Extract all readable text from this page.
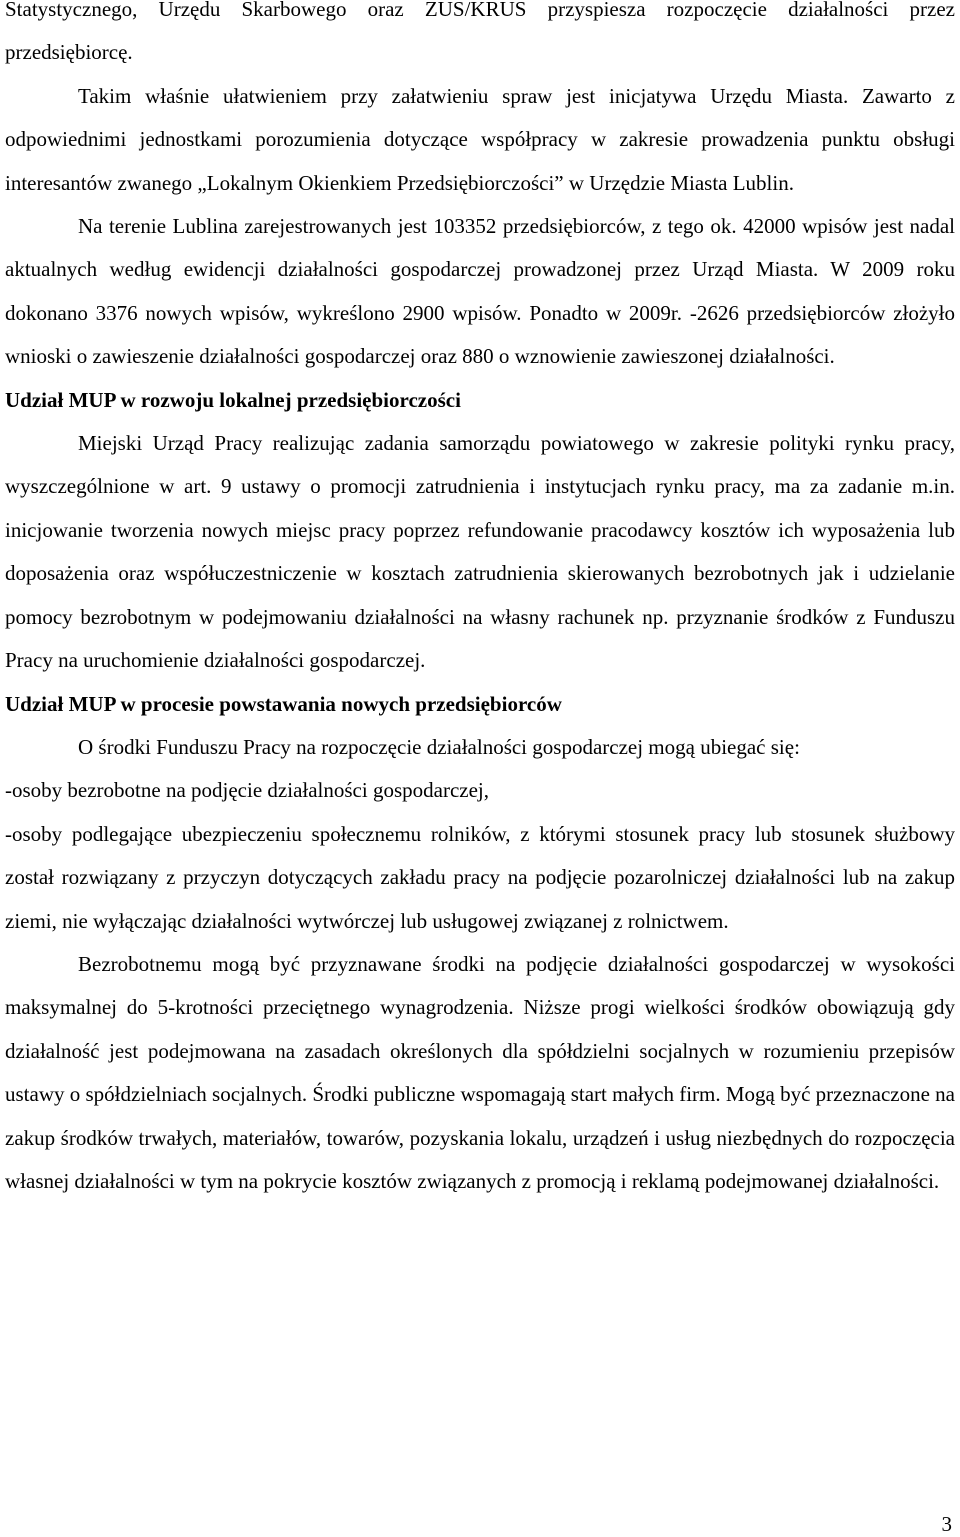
Statystycznego, Urzędu Skarbowego oraz ZUS/KRUS przyspiesza rozpoczęcie działalności przez przedsiębiorcę.

Takim właśnie ułatwieniem przy załatwieniu spraw jest inicjatywa Urzędu Miasta. Zawarto z odpowiednimi jednostkami porozumienia dotyczące współpracy w zakresie prowadzenia punktu obsługi interesantów zwanego „Lokalnym Okienkiem Przedsiębiorczości” w Urzędzie Miasta Lublin.

Na terenie Lublina zarejestrowanych jest 103352 przedsiębiorców, z tego ok. 42000 wpisów jest nadal aktualnych według ewidencji działalności gospodarczej prowadzonej przez Urząd Miasta. W 2009 roku dokonano 3376 nowych wpisów, wykreślono 2900 wpisów. Ponadto w 2009r. -2626 przedsiębiorców złożyło wnioski o zawieszenie działalności gospodarczej oraz 880 o wznowienie zawieszonej działalności.

Udział MUP w rozwoju lokalnej przedsiębiorczości

Miejski Urząd Pracy realizując zadania samorządu powiatowego w zakresie polityki rynku pracy, wyszczególnione w art. 9 ustawy o promocji zatrudnienia i instytucjach rynku pracy, ma za zadanie m.in. inicjowanie tworzenia nowych miejsc pracy poprzez refundowanie pracodawcy kosztów ich wyposażenia lub doposażenia oraz współuczestniczenie w kosztach zatrudnienia skierowanych bezrobotnych jak i udzielanie pomocy bezrobotnym w podejmowaniu działalności na własny rachunek np. przyznanie środków z Funduszu Pracy na uruchomienie działalności gospodarczej.

Udział MUP w procesie powstawania nowych przedsiębiorców

O środki Funduszu Pracy na rozpoczęcie działalności gospodarczej mogą ubiegać się:

-osoby bezrobotne na podjęcie działalności gospodarczej,

-osoby podlegające ubezpieczeniu społecznemu rolników, z którymi stosunek pracy lub stosunek służbowy został rozwiązany z przyczyn dotyczących zakładu pracy na podjęcie pozarolniczej działalności lub na zakup ziemi, nie wyłączając działalności wytwórczej lub usługowej związanej z rolnictwem.

Bezrobotnemu mogą być przyznawane środki na podjęcie działalności gospodarczej w wysokości maksymalnej do 5-krotności przeciętnego wynagrodzenia. Niższe progi wielkości środków obowiązują gdy działalność jest podejmowana na zasadach określonych dla spółdzielni socjalnych w rozumieniu przepisów ustawy o spółdzielniach socjalnych. Środki publiczne wspomagają start małych firm. Mogą być przeznaczone na zakup środków trwałych, materiałów, towarów, pozyskania lokalu, urządzeń i usług niezbędnych do rozpoczęcia własnej działalności w tym na pokrycie kosztów związanych z promocją i reklamą podejmowanej działalności.

3
